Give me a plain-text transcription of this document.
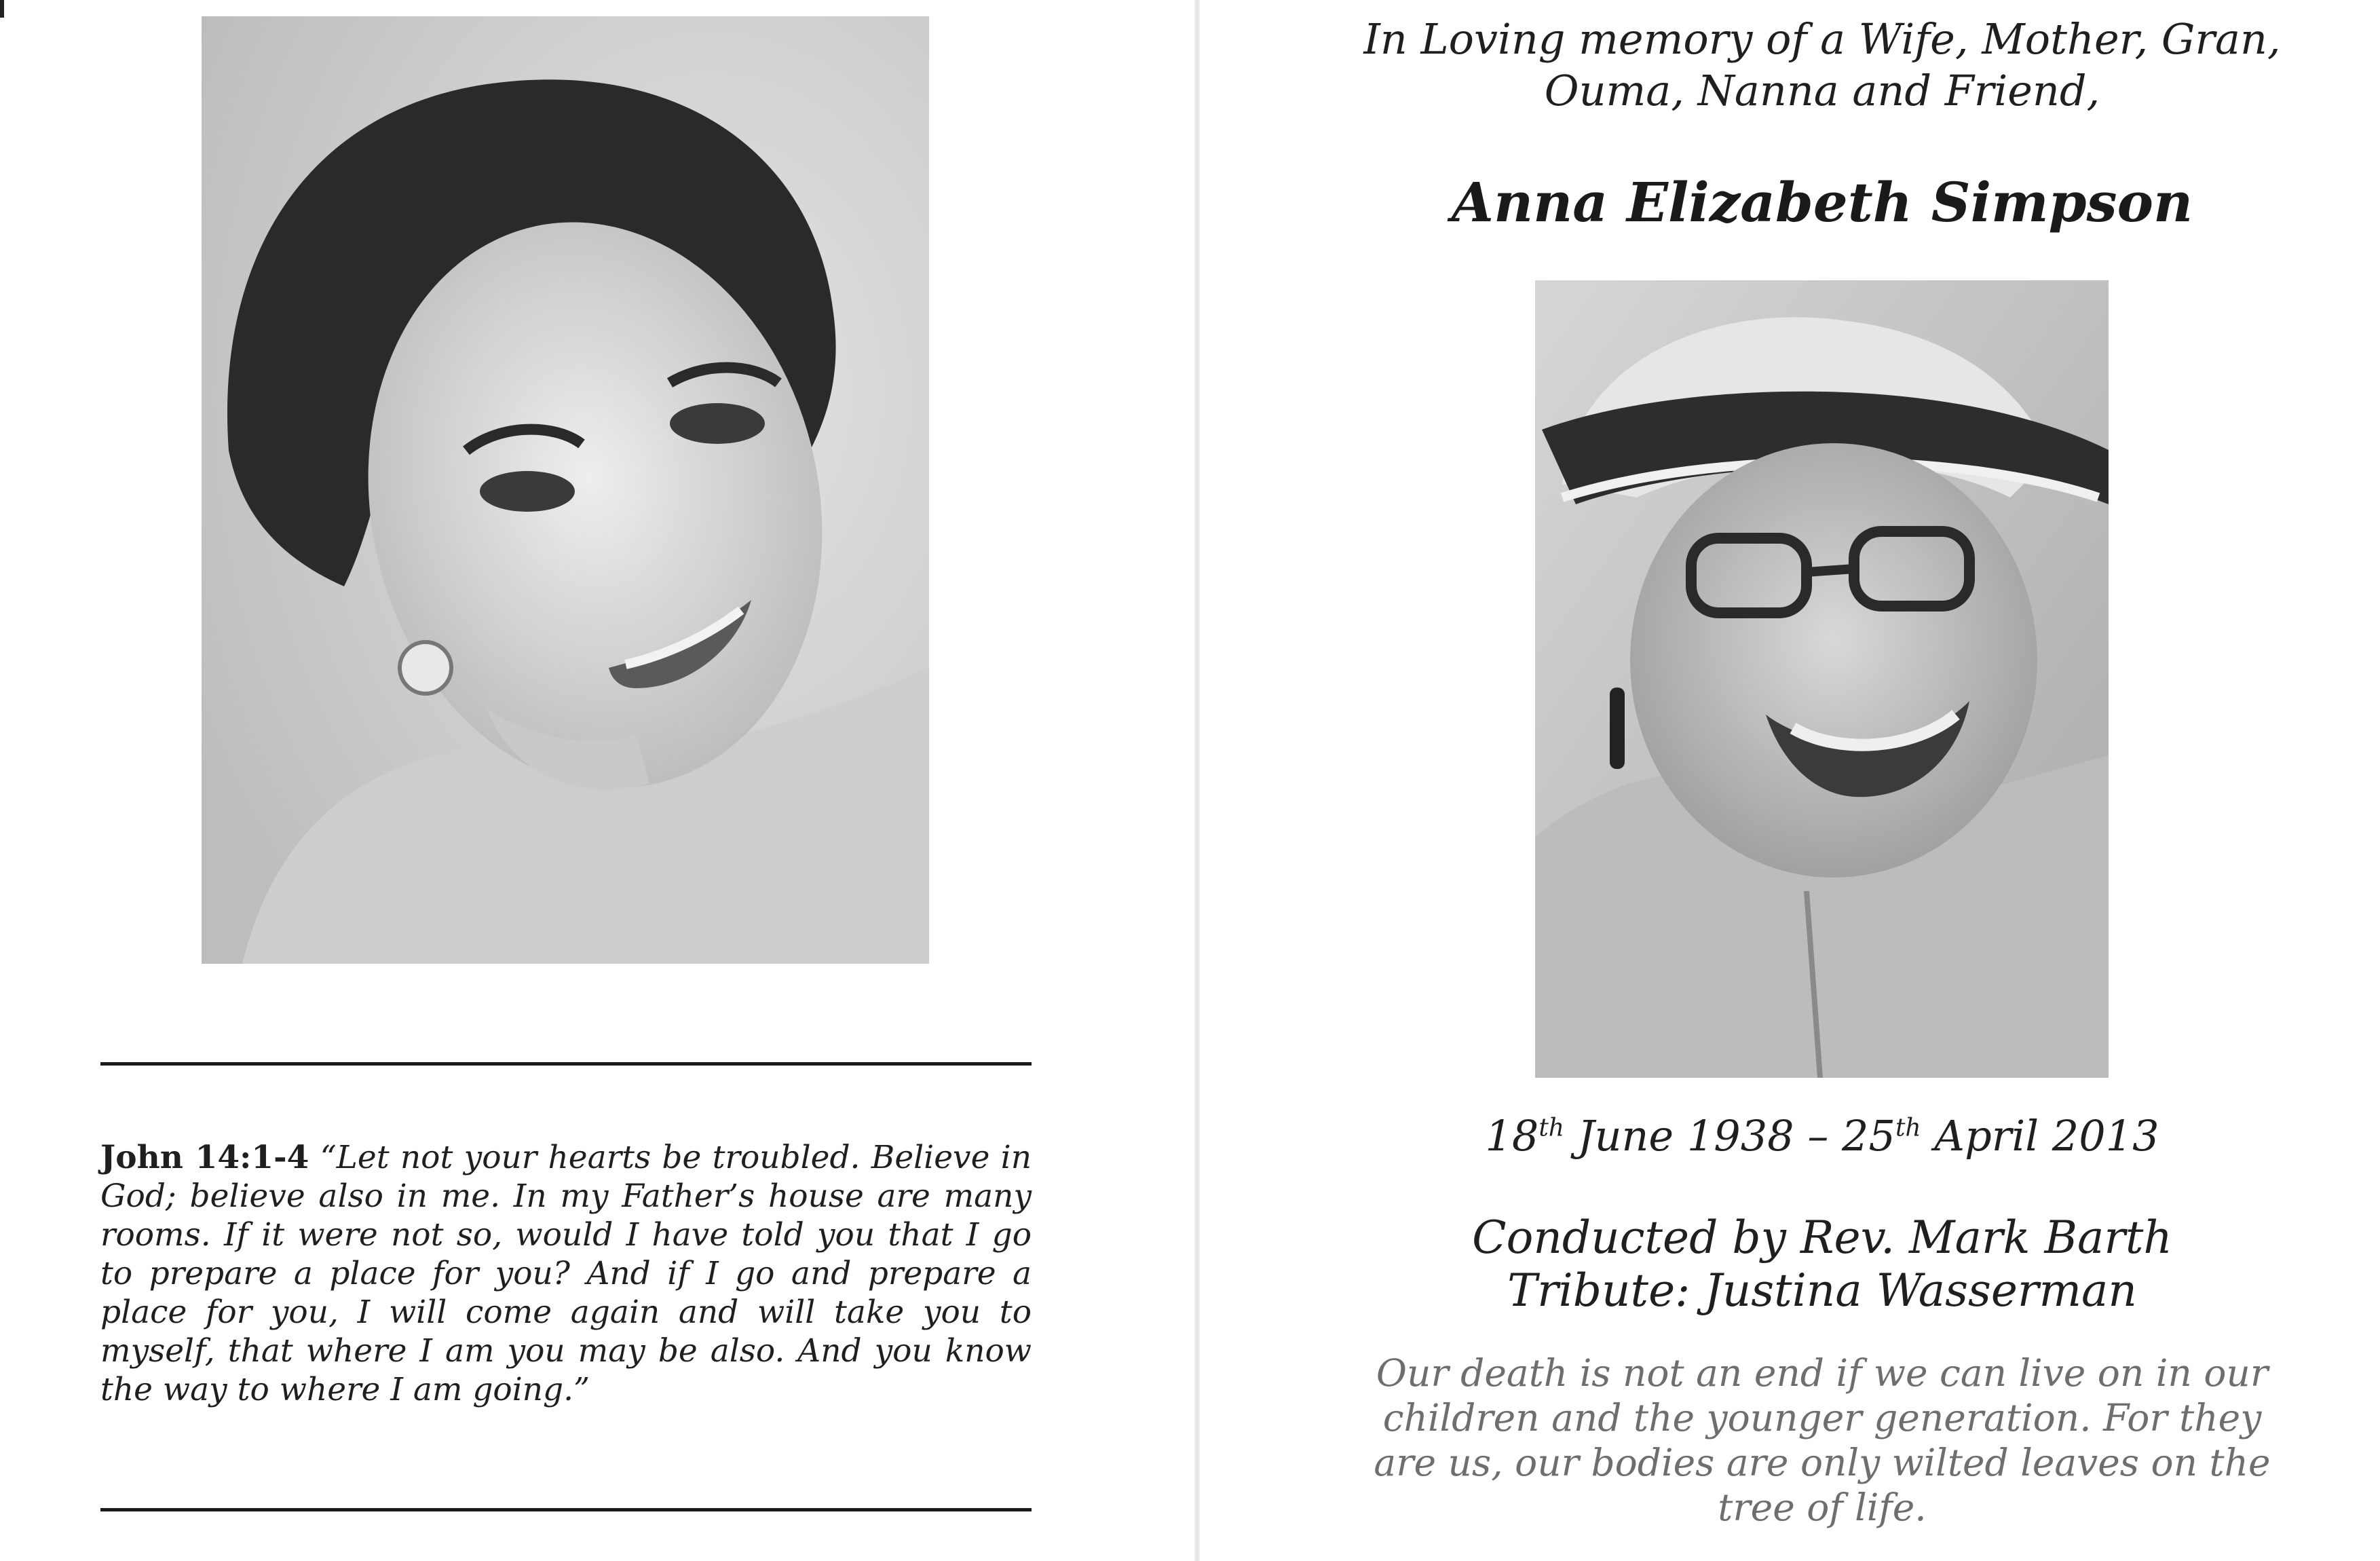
John 14:1-4 “Let not your hearts be troubled. Believe in God; believe also in me. In my Father’s house are many rooms. If it were not so, would I have told you that I go to prepare a place for you? And if I go and prepare a place for you, I will come again and will take you to myself, that where I am you may be also. And you know the way to where I am going.”

In Loving memory of a Wife, Mother, Gran,
Ouma, Nanna and Friend,
Anna Elizabeth Simpson
18th June 1938 – 25th April 2013
Conducted by Rev. Mark Barth
Tribute: Justina Wasserman

Our death is not an end if we can live on in our children and the younger generation. For they are us, our bodies are only wilted leaves on the tree of life.
